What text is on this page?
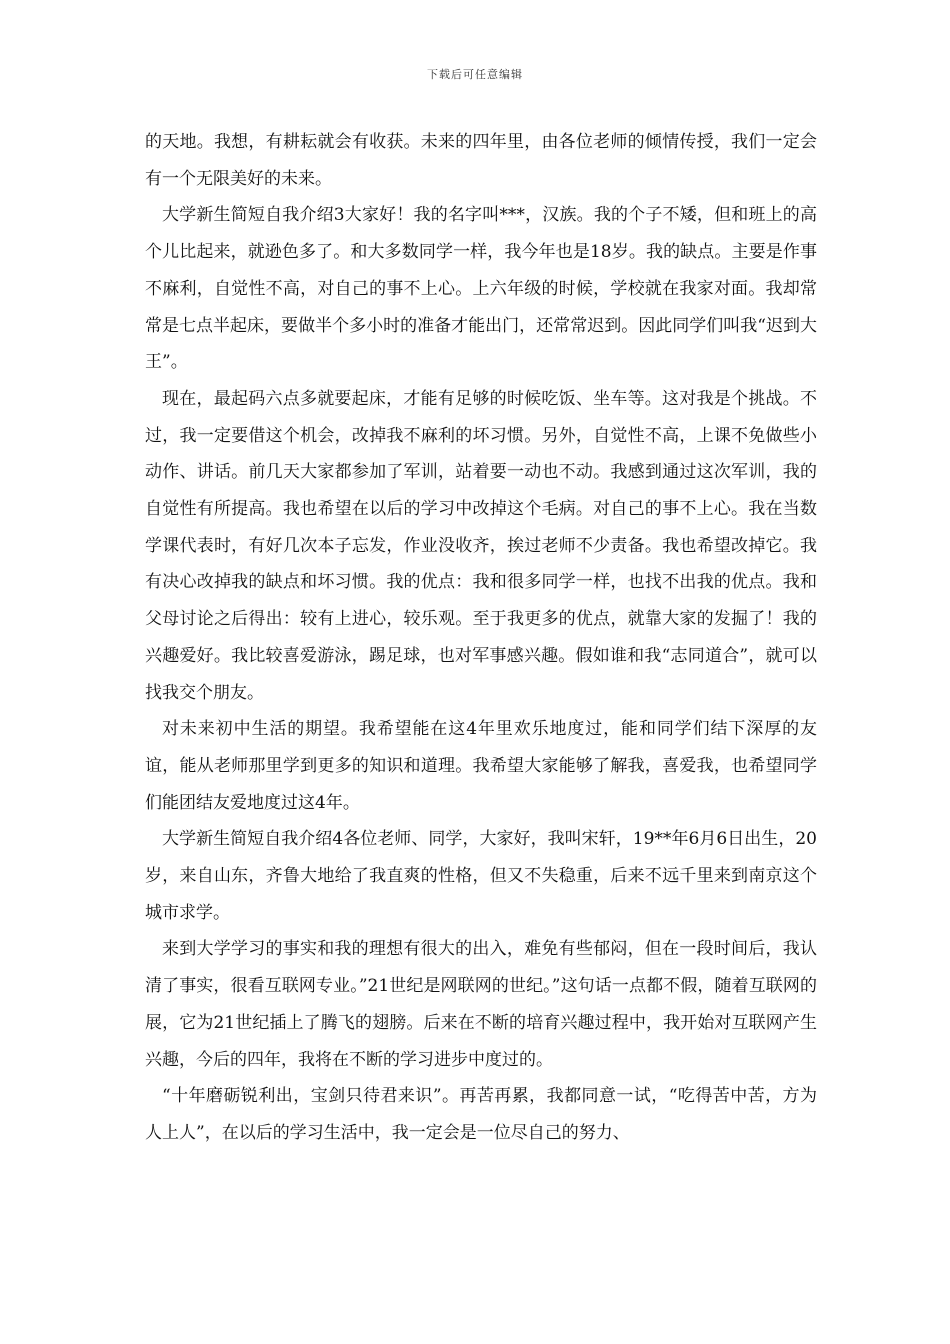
下载后可任意编辑

的天地。我想，有耕耘就会有收获。未来的四年里，由各位老师的倾情传授，我们一定会有一个无限美好的未来。

大学新生简短自我介绍3大家好！我的名字叫***，汉族。我的个子不矮，但和班上的高个儿比起来，就逊色多了。和大多数同学一样，我今年也是18岁。我的缺点。主要是作事不麻利，自觉性不高，对自己的事不上心。上六年级的时候，学校就在我家对面。我却常常是七点半起床，要做半个多小时的准备才能出门，还常常迟到。因此同学们叫我“迟到大王”。

现在，最起码六点多就要起床，才能有足够的时候吃饭、坐车等。这对我是个挑战。不过，我一定要借这个机会，改掉我不麻利的坏习惯。另外，自觉性不高，上课不免做些小动作、讲话。前几天大家都参加了军训，站着要一动也不动。我感到通过这次军训，我的自觉性有所提高。我也希望在以后的学习中改掉这个毛病。对自己的事不上心。我在当数学课代表时，有好几次本子忘发，作业没收齐，挨过老师不少责备。我也希望改掉它。我有决心改掉我的缺点和坏习惯。我的优点：我和很多同学一样，也找不出我的优点。我和父母讨论之后得出：较有上进心，较乐观。至于我更多的优点，就靠大家的发掘了！我的兴趣爱好。我比较喜爱游泳，踢足球，也对军事感兴趣。假如谁和我“志同道合”，就可以找我交个朋友。

对未来初中生活的期望。我希望能在这4年里欢乐地度过，能和同学们结下深厚的友谊，能从老师那里学到更多的知识和道理。我希望大家能够了解我，喜爱我，也希望同学们能团结友爱地度过这4年。

大学新生简短自我介绍4各位老师、同学，大家好，我叫宋轩，19**年6月6日出生，20岁，来自山东，齐鲁大地给了我直爽的性格，但又不失稳重，后来不远千里来到南京这个城市求学。

来到大学学习的事实和我的理想有很大的出入，难免有些郁闷，但在一段时间后，我认清了事实，很看互联网专业。”21世纪是网联网的世纪。”这句话一点都不假，随着互联网的展，它为21世纪插上了腾飞的翅膀。后来在不断的培育兴趣过程中，我开始对互联网产生兴趣，今后的四年，我将在不断的学习进步中度过的。

“十年磨砺锐利出，宝剑只待君来识”。再苦再累，我都同意一试，“吃得苦中苦，方为人上人”，在以后的学习生活中，我一定会是一位尽自己的努力、
